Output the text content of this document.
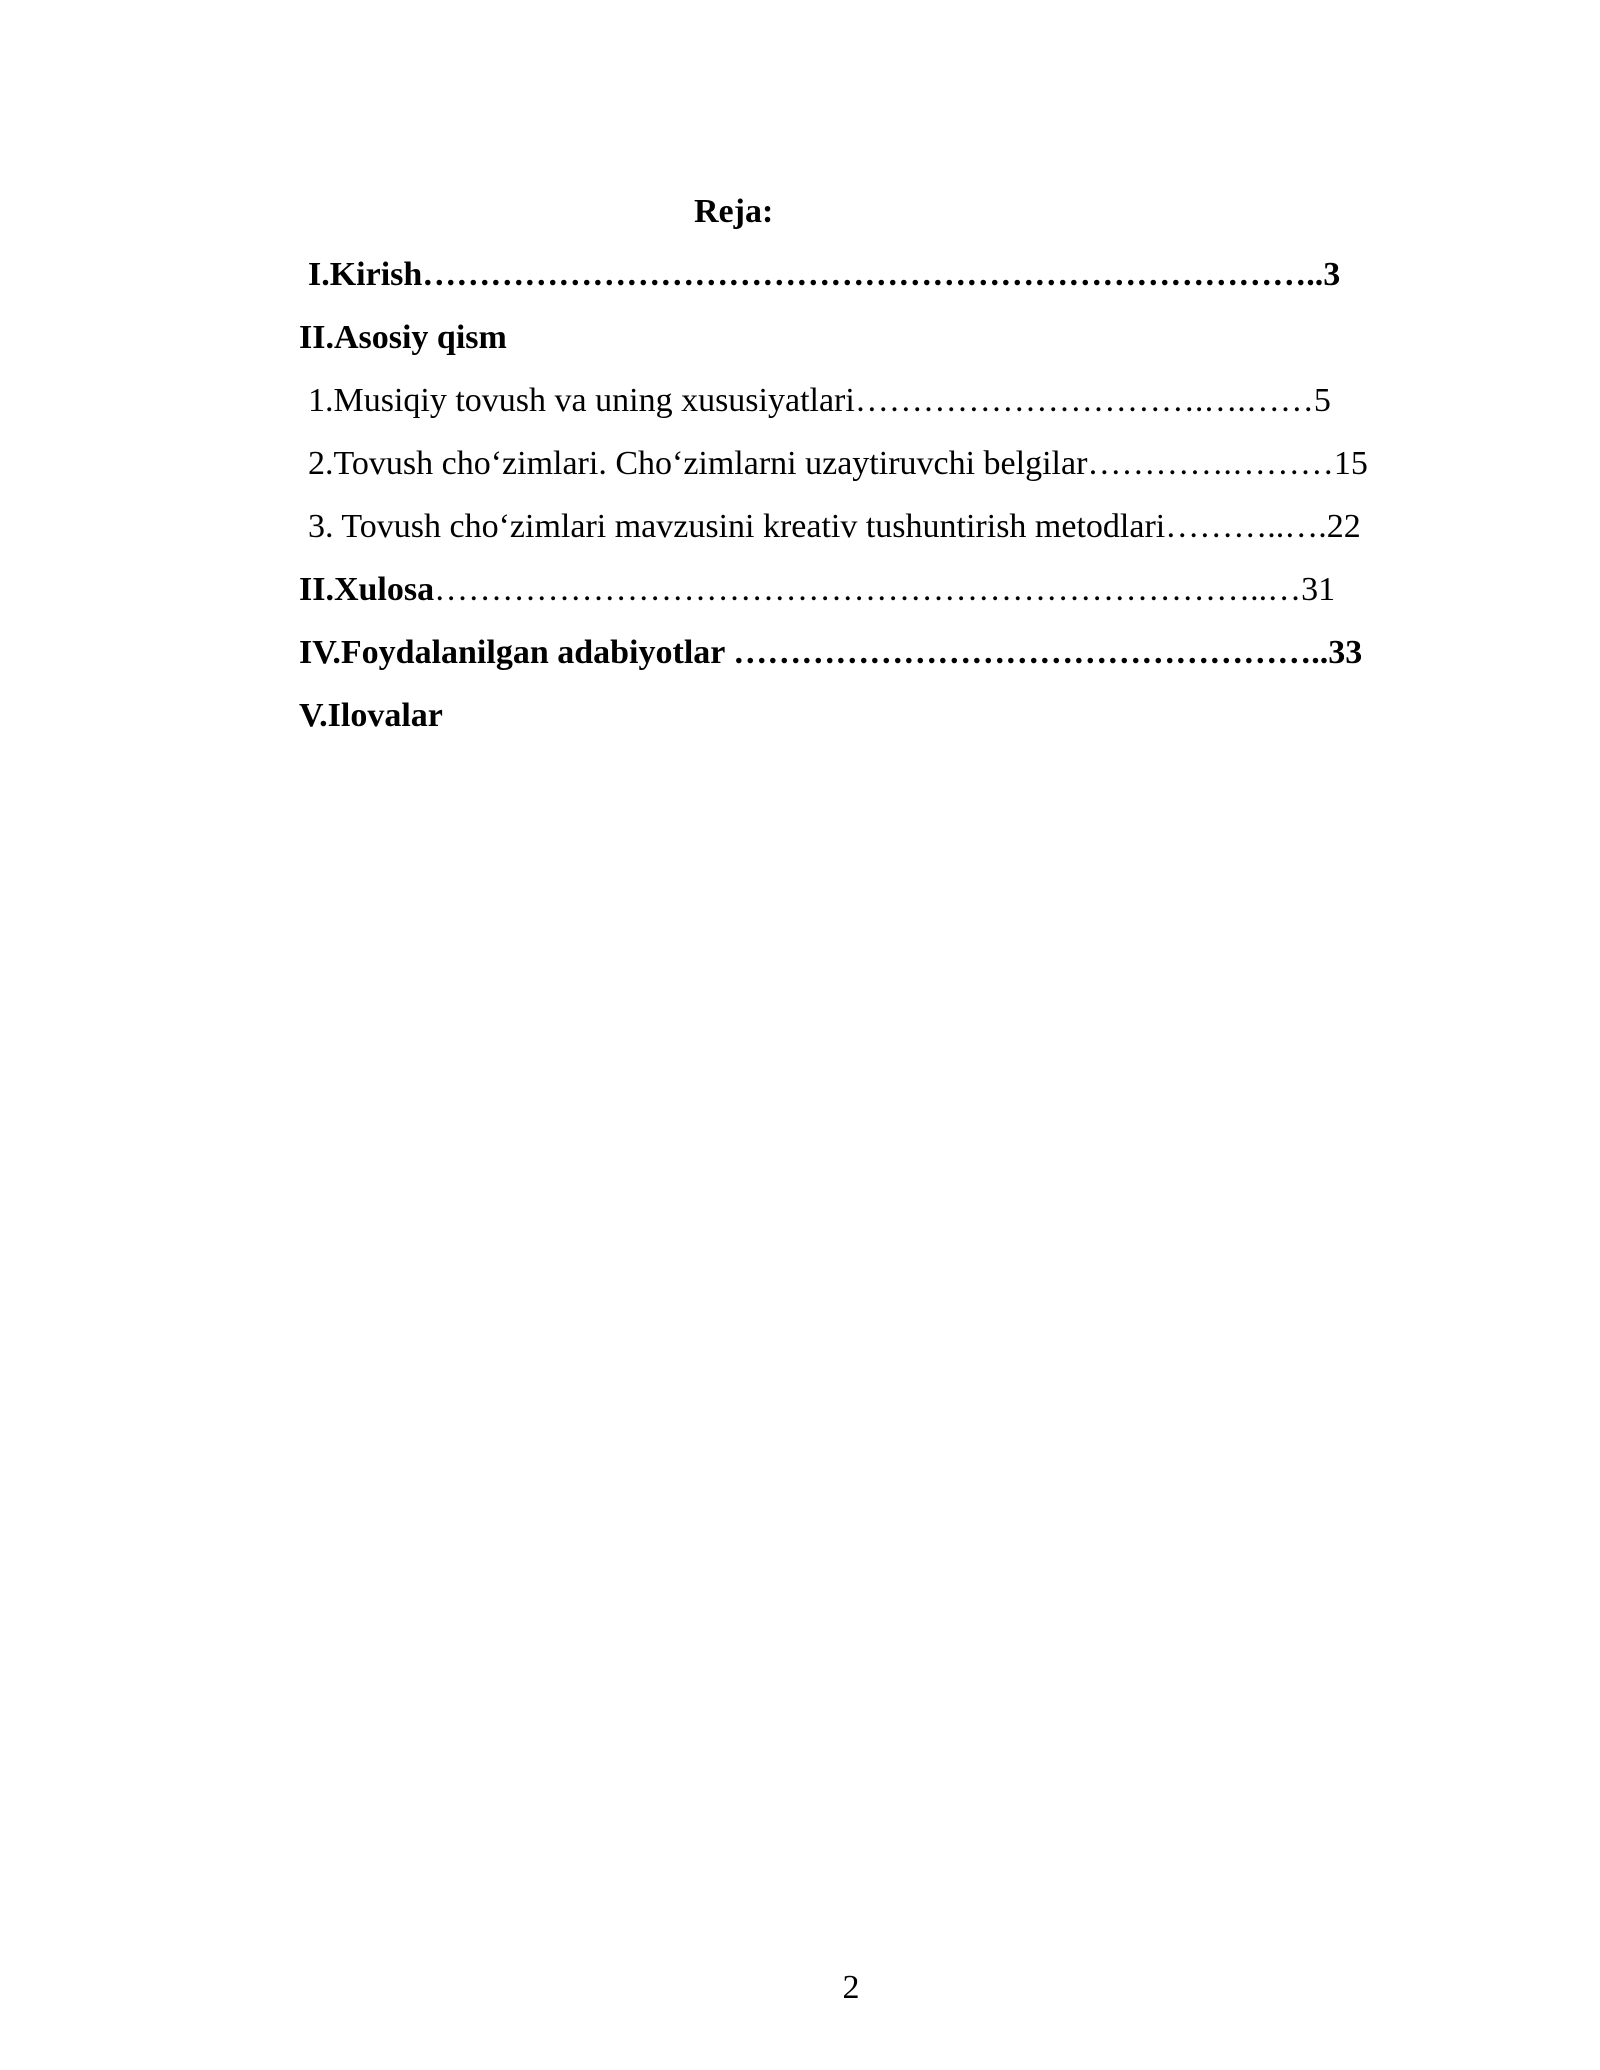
Reja:
I.Kirish……………………………………………………………………..3
II.Asosiy qism
1.Musiqiy tovush va uning xususiyatlari………………………….….……5
2.Tovush cho‘zimlari. Cho‘zimlarni uzaytiruvchi belgilar………….………15
3. Tovush cho‘zimlari mavzusini kreativ tushuntirish metodlari………..….22
II.Xulosa………………………………………………………………..…31
IV.Foydalanilgan adabiyotlar ……………………………………………..33
V.Ilovalar
2
